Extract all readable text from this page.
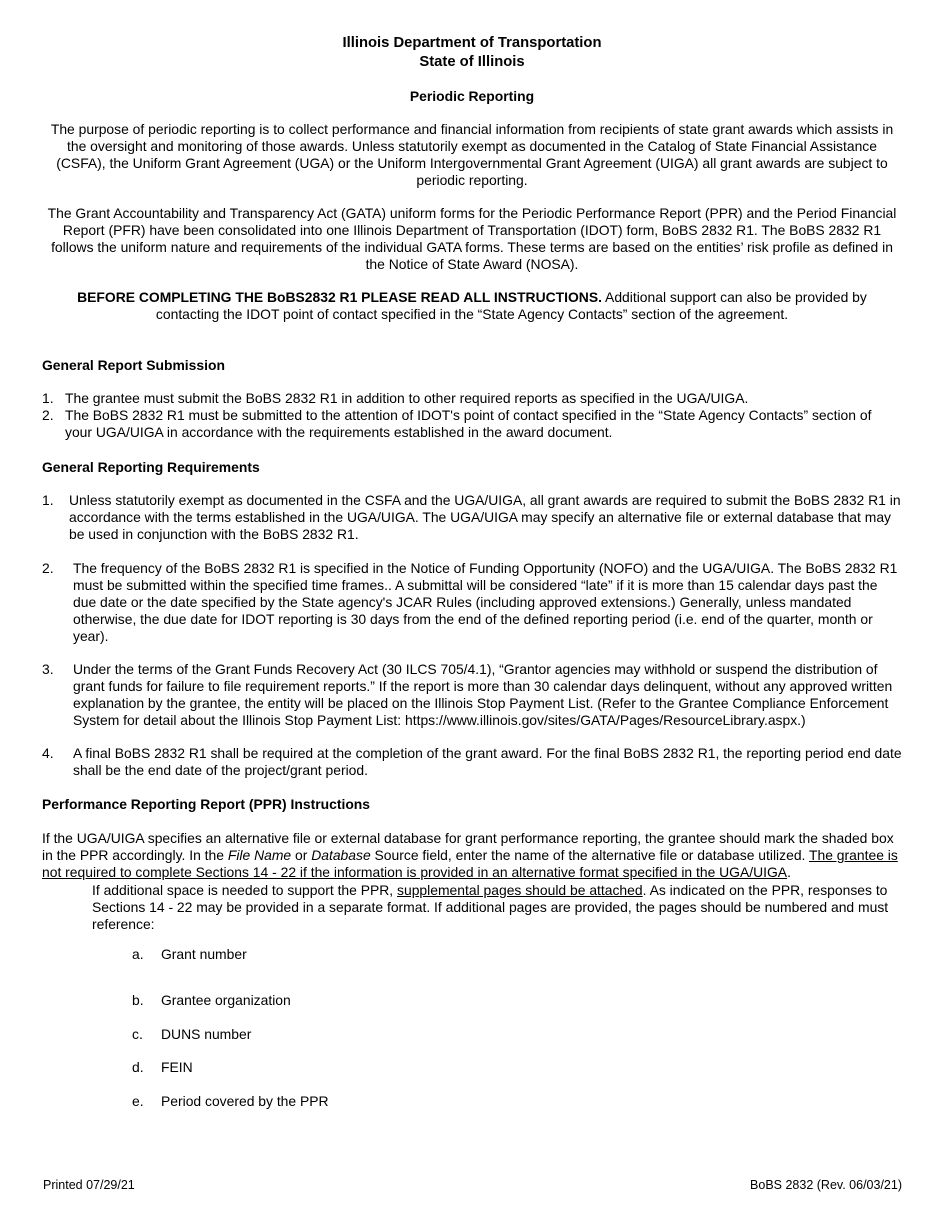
Illinois Department of Transportation
State of Illinois
Periodic Reporting
The purpose of periodic reporting is to collect performance and financial information from recipients of state grant awards which assists in the oversight and monitoring of those awards. Unless statutorily exempt as documented in the Catalog of State Financial Assistance (CSFA), the Uniform Grant Agreement (UGA) or the Uniform Intergovernmental Grant Agreement (UIGA) all grant awards are subject to periodic reporting.
The Grant Accountability and Transparency Act (GATA) uniform forms for the Periodic Performance Report (PPR) and the Period Financial Report (PFR) have been consolidated into one Illinois Department of Transportation (IDOT) form, BoBS 2832 R1. The BoBS 2832 R1 follows the uniform nature and requirements of the individual GATA forms. These terms are based on the entities’ risk profile as defined in the Notice of State Award (NOSA).
BEFORE COMPLETING THE BoBS2832 R1 PLEASE READ ALL INSTRUCTIONS. Additional support can also be provided by contacting the IDOT point of contact specified in the “State Agency Contacts” section of the agreement.
General Report Submission
1. The grantee must submit the BoBS 2832 R1 in addition to other required reports as specified in the UGA/UIGA.
2. The BoBS 2832 R1 must be submitted to the attention of IDOT's point of contact specified in the “State Agency Contacts” section of your UGA/UIGA in accordance with the requirements established in the award document.
General Reporting Requirements
1. Unless statutorily exempt as documented in the CSFA and the UGA/UIGA, all grant awards are required to submit the BoBS 2832 R1 in accordance with the terms established in the UGA/UIGA. The UGA/UIGA may specify an alternative file or external database that may be used in conjunction with the BoBS 2832 R1.
2. The frequency of the BoBS 2832 R1 is specified in the Notice of Funding Opportunity (NOFO) and the UGA/UIGA. The BoBS 2832 R1 must be submitted within the specified time frames.. A submittal will be considered “late” if it is more than 15 calendar days past the due date or the date specified by the State agency's JCAR Rules (including approved extensions.) Generally, unless mandated otherwise, the due date for IDOT reporting is 30 days from the end of the defined reporting period (i.e. end of the quarter, month or year).
3. Under the terms of the Grant Funds Recovery Act (30 ILCS 705/4.1), “Grantor agencies may withhold or suspend the distribution of grant funds for failure to file requirement reports.” If the report is more than 30 calendar days delinquent, without any approved written explanation by the grantee, the entity will be placed on the Illinois Stop Payment List. (Refer to the Grantee Compliance Enforcement System for detail about the Illinois Stop Payment List: https://www.illinois.gov/sites/GATA/Pages/ResourceLibrary.aspx.)
4. A final BoBS 2832 R1 shall be required at the completion of the grant award. For the final BoBS 2832 R1, the reporting period end date shall be the end date of the project/grant period.
Performance Reporting Report (PPR) Instructions
If the UGA/UIGA specifies an alternative file or external database for grant performance reporting, the grantee should mark the shaded box in the PPR accordingly. In the File Name or Database Source field, enter the name of the alternative file or database utilized. The grantee is not required to complete Sections 14 - 22 if the information is provided in an alternative format specified in the UGA/UIGA.
If additional space is needed to support the PPR, supplemental pages should be attached. As indicated on the PPR, responses to Sections 14 - 22 may be provided in a separate format. If additional pages are provided, the pages should be numbered and must reference:
a. Grant number
b. Grantee organization
c. DUNS number
d. FEIN
e. Period covered by the PPR
Printed 07/29/21	BoBS 2832 (Rev. 06/03/21)
